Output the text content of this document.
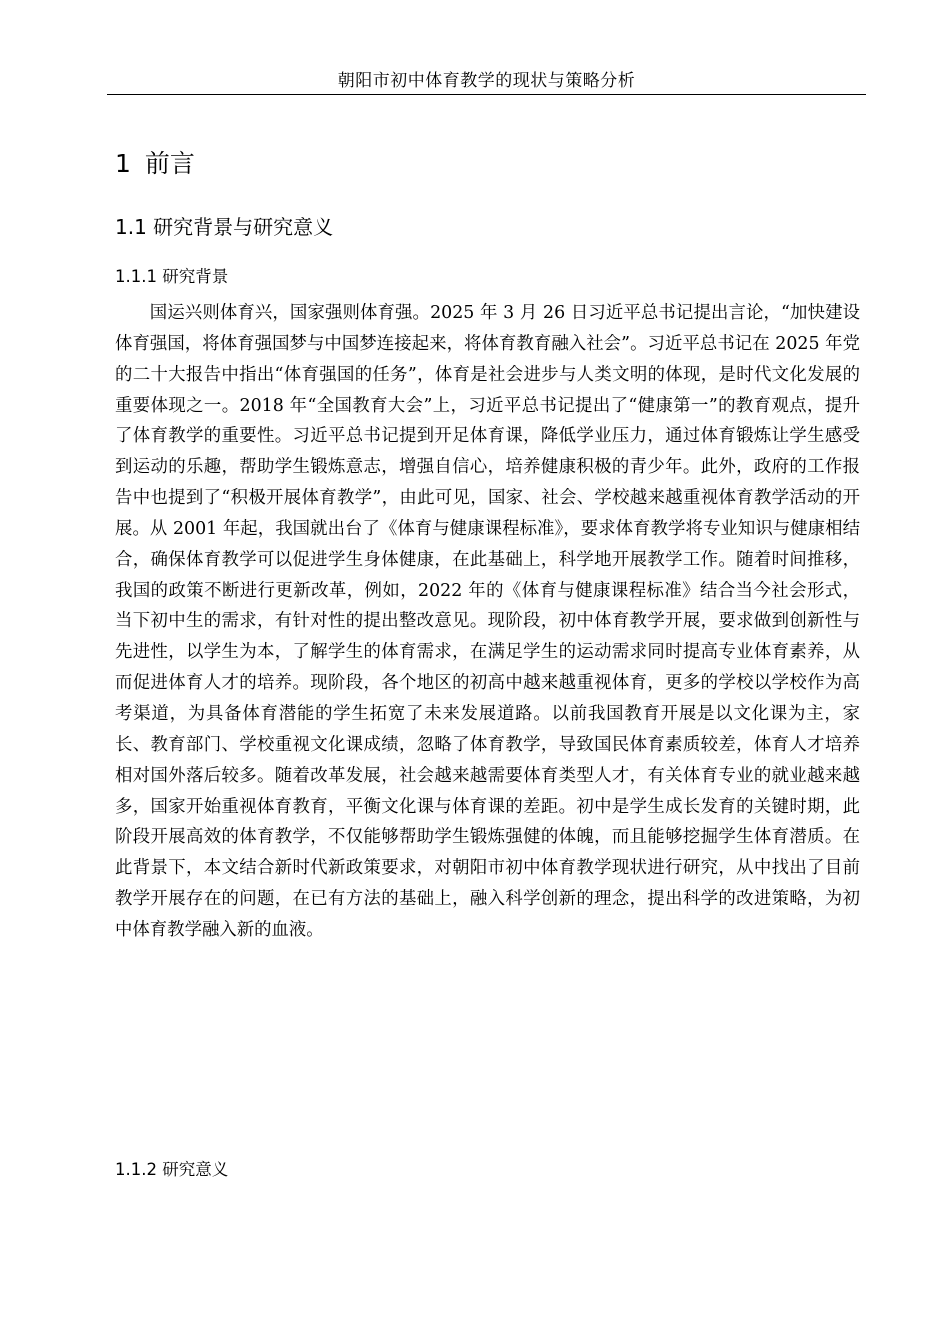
朝阳市初中体育教学的现状与策略分析
1 前言
1.1 研究背景与研究意义
1.1.1 研究背景

国运兴则体育兴，国家强则体育强。2025 年 3 月 26 日习近平总书记提出言论，“加快建设体育强国，将体育强国梦与中国梦连接起来，将体育教育融入社会”。习近平总书记在 2025 年党的二十大报告中指出“体育强国的任务”，体育是社会进步与人类文明的体现，是时代文化发展的重要体现之一。2018 年“全国教育大会”上，习近平总书记提出了“健康第一”的教育观点，提升了体育教学的重要性。习近平总书记提到开足体育课，降低学业压力，通过体育锻炼让学生感受到运动的乐趣，帮助学生锻炼意志，增强自信心，培养健康积极的青少年。此外，政府的工作报告中也提到了“积极开展体育教学”，由此可见，国家、社会、学校越来越重视体育教学活动的开展。从 2001 年起，我国就出台了《体育与健康课程标准》，要求体育教学将专业知识与健康相结合，确保体育教学可以促进学生身体健康，在此基础上，科学地开展教学工作。随着时间推移，我国的政策不断进行更新改革，例如，2022 年的《体育与健康课程标准》结合当今社会形式，当下初中生的需求，有针对性的提出整改意见。现阶段，初中体育教学开展，要求做到创新性与先进性，以学生为本，了解学生的体育需求，在满足学生的运动需求同时提高专业体育素养，从而促进体育人才的培养。现阶段，各个地区的初高中越来越重视体育，更多的学校以学校作为高考渠道，为具备体育潜能的学生拓宽了未来发展道路。以前我国教育开展是以文化课为主，家长、教育部门、学校重视文化课成绩，忽略了体育教学，导致国民体育素质较差，体育人才培养相对国外落后较多。随着改革发展，社会越来越需要体育类型人才，有关体育专业的就业越来越多，国家开始重视体育教育，平衡文化课与体育课的差距。初中是学生成长发育的关键时期，此阶段开展高效的体育教学，不仅能够帮助学生锻炼强健的体魄，而且能够挖掘学生体育潜质。在此背景下，本文结合新时代新政策要求，对朝阳市初中体育教学现状进行研究，从中找出了目前教学开展存在的问题，在已有方法的基础上，融入科学创新的理念，提出科学的改进策略，为初中体育教学融入新的血液。

1.1.2 研究意义
